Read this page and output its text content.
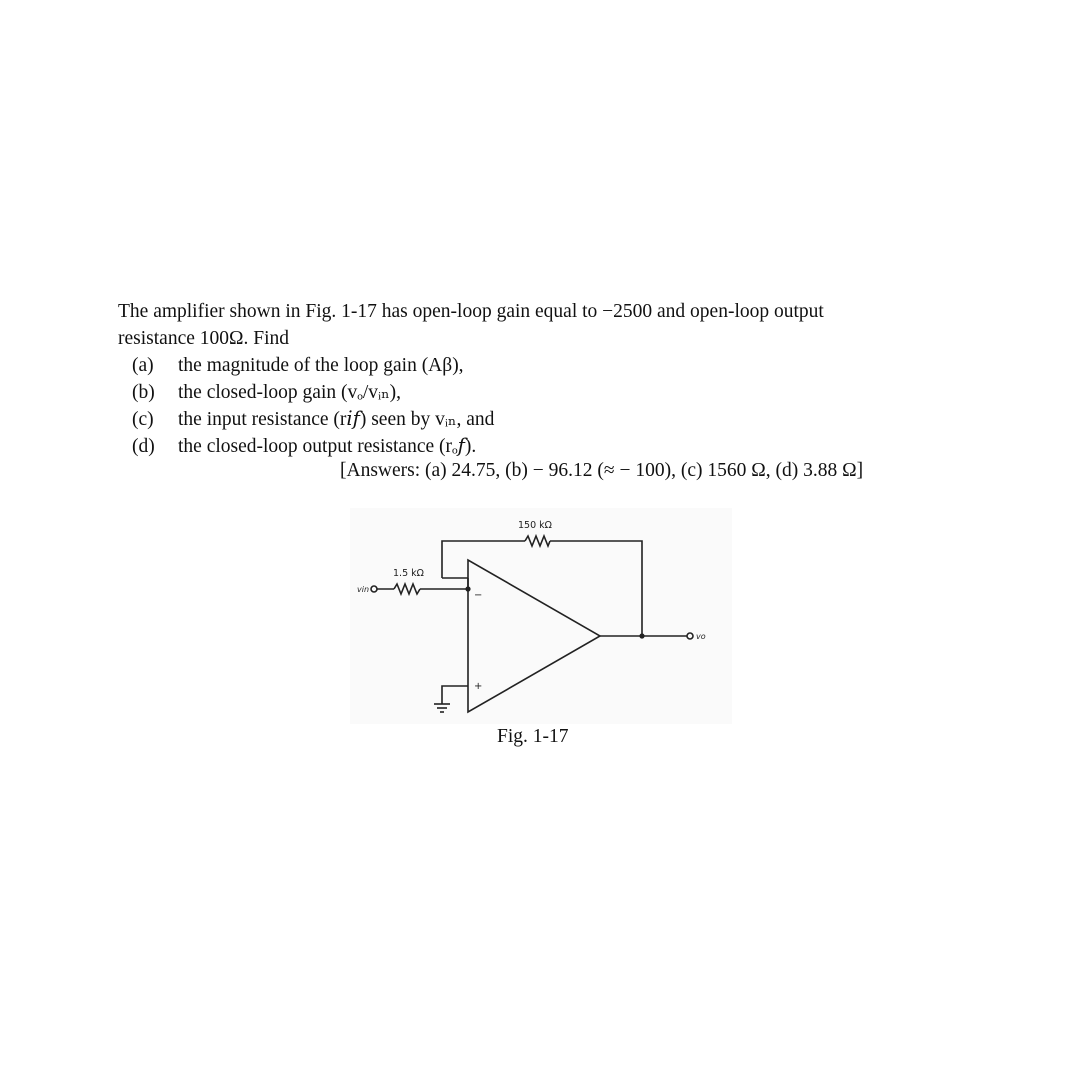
The amplifier shown in Fig. 1-17 has open-loop gain equal to −2500 and open-loop output

resistance 100Ω. Find

(a)	the magnitude of the loop gain (Aβ),
(b)	the closed-loop gain (vₒ/vᵢₙ),
(c)	the input resistance (r𝑖𝑓) seen by vᵢₙ, and
(d)	the closed-loop output resistance (rₒ𝑓).
[Answers: (a) 24.75, (b) − 96.12 (≈ − 100), (c) 1560 Ω, (d) 3.88 Ω]
150 kΩ
1.5 kΩ
vin
vo
−
+
Fig. 1-17
